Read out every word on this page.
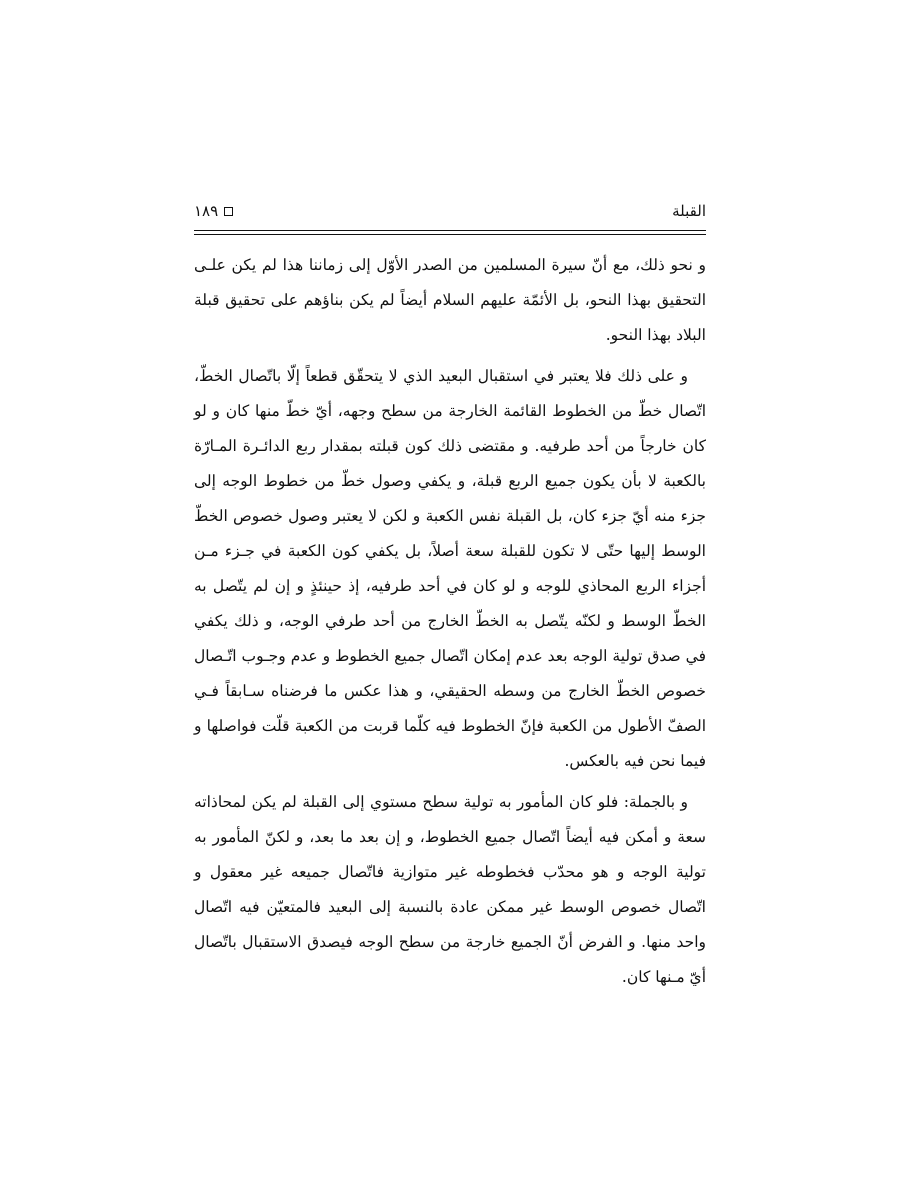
القبلة
١٨٩

و نحو ذلك، مع أنّ سيرة المسلمين من الصدر الأوّل إلى زماننا هذا لم يكن علـى التحقيق بهذا النحو، بل الأئمّة عليهم السلام أيضاً لم يكن بناؤهم على تحقيق قبلة البلاد بهذا النحو.

و على ذلك فلا يعتبر في استقبال البعيد الذي لا يتحقّق قطعاً إلّا باتّصال الخطّ، اتّصال خطّ من الخطوط القائمة الخارجة من سطح وجهه، أيّ خطّ منها كان و لو كان خارجاً من أحد طرفيه. و مقتضى ذلك كون قبلته بمقدار ربع الدائـرة المـارّة بالكعبة لا بأن يكون جميع الربع قبلة، و يكفي وصول خطّ من خطوط الوجه إلى جزء منه أيّ جزء كان، بل القبلة نفس الكعبة و لكن لا يعتبر وصول خصوص الخطّ الوسط إليها حتّى لا تكون للقبلة سعة أصلاً، بل يكفي كون الكعبة في جـزء مـن أجزاء الربع المحاذي للوجه و لو كان في أحد طرفيه، إذ حينئذٍ و إن لم يتّصل به الخطّ الوسط و لكنّه يتّصل به الخطّ الخارج من أحد طرفي الوجه، و ذلك يكفي في صدق تولية الوجه بعد عدم إمكان اتّصال جميع الخطوط و عدم وجـوب اتّـصال خصوص الخطّ الخارج من وسطه الحقيقي، و هذا عكس ما فرضناه سـابقاً فـي الصفّ الأطول من الكعبة فإنّ الخطوط فيه كلّما قربت من الكعبة قلّت فواصلها و فيما نحن فيه بالعكس.

و بالجملة: فلو كان المأمور به تولية سطح مستوي إلى القبلة لم يكن لمحاذاته سعة و أمكن فيه أيضاً اتّصال جميع الخطوط، و إن بعد ما بعد، و لكنّ المأمور به تولية الوجه و هو محدّب فخطوطه غير متوازية فاتّصال جميعه غير معقول و اتّصال خصوص الوسط غير ممكن عادة بالنسبة إلى البعيد فالمتعيّن فيه اتّصال واحد منها. و الفرض أنّ الجميع خارجة من سطح الوجه فيصدق الاستقبال باتّصال أيّ مـنها كان.
